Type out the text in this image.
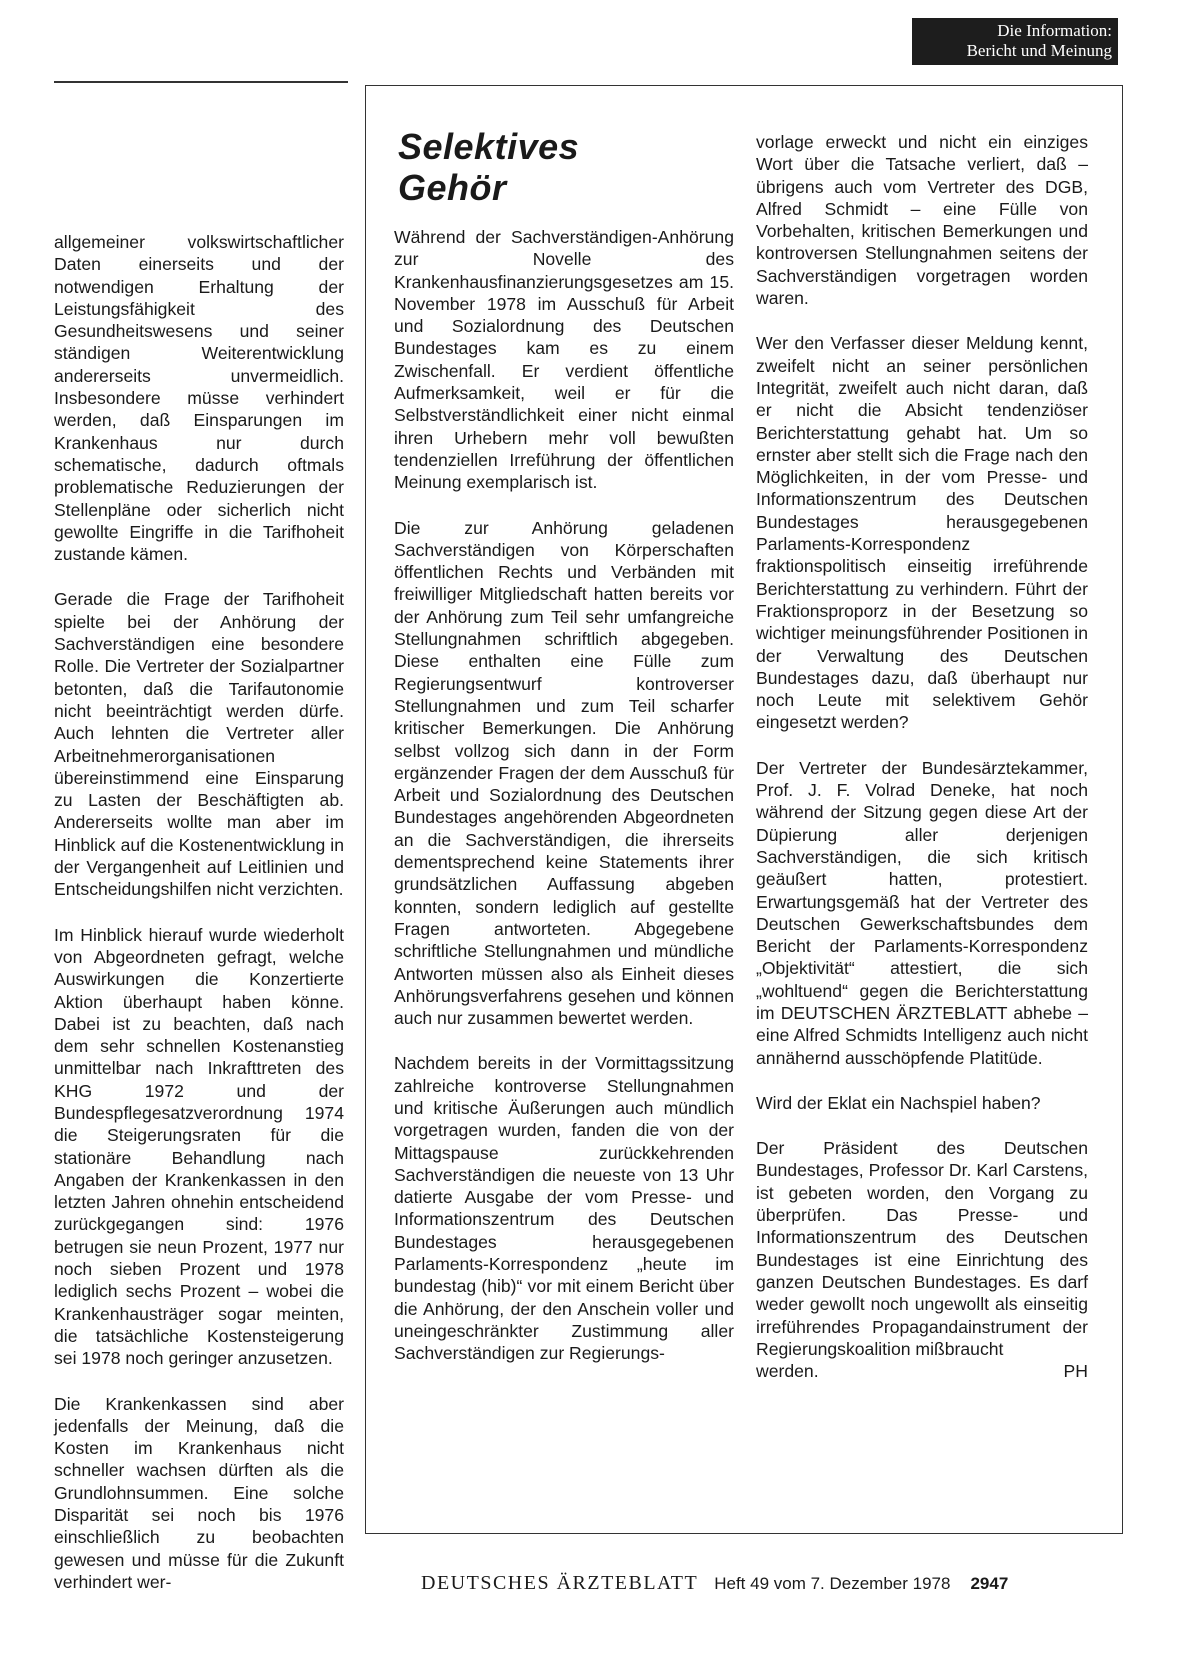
Die Information:
Bericht und Meinung

allgemeiner volkswirtschaftlicher Daten einerseits und der notwendigen Erhaltung der Leistungsfähigkeit des Gesundheitswesens und seiner ständigen Weiterentwicklung andererseits unvermeidlich. Insbesondere müsse verhindert werden, daß Einsparungen im Krankenhaus nur durch schematische, dadurch oftmals problematische Reduzierungen der Stellenpläne oder sicherlich nicht gewollte Eingriffe in die Tarifhoheit zustande kämen.

Gerade die Frage der Tarifhoheit spielte bei der Anhörung der Sachverständigen eine besondere Rolle. Die Vertreter der Sozialpartner betonten, daß die Tarifautonomie nicht beeinträchtigt werden dürfe. Auch lehnten die Vertreter aller Arbeitnehmerorganisationen übereinstimmend eine Einsparung zu Lasten der Beschäftigten ab. Andererseits wollte man aber im Hinblick auf die Kostenentwicklung in der Vergangenheit auf Leitlinien und Entscheidungshilfen nicht verzichten.

Im Hinblick hierauf wurde wiederholt von Abgeordneten gefragt, welche Auswirkungen die Konzertierte Aktion überhaupt haben könne. Dabei ist zu beachten, daß nach dem sehr schnellen Kostenanstieg unmittelbar nach Inkrafttreten des KHG 1972 und der Bundespflegesatzverordnung 1974 die Steigerungsraten für die stationäre Behandlung nach Angaben der Krankenkassen in den letzten Jahren ohnehin entscheidend zurückgegangen sind: 1976 betrugen sie neun Prozent, 1977 nur noch sieben Prozent und 1978 lediglich sechs Prozent – wobei die Krankenhausträger sogar meinten, die tatsächliche Kostensteigerung sei 1978 noch geringer anzusetzen.

Die Krankenkassen sind aber jedenfalls der Meinung, daß die Kosten im Krankenhaus nicht schneller wachsen dürften als die Grundlohnsummen. Eine solche Disparität sei noch bis 1976 einschließlich zu beobachten gewesen und müsse für die Zukunft verhindert wer-

Selektives
Gehör

Während der Sachverständigen-Anhörung zur Novelle des Krankenhausfinanzierungsgesetzes am 15. November 1978 im Ausschuß für Arbeit und Sozialordnung des Deutschen Bundestages kam es zu einem Zwischenfall. Er verdient öffentliche Aufmerksamkeit, weil er für die Selbstverständlichkeit einer nicht einmal ihren Urhebern mehr voll bewußten tendenziellen Irreführung der öffentlichen Meinung exemplarisch ist.

Die zur Anhörung geladenen Sachverständigen von Körperschaften öffentlichen Rechts und Verbänden mit freiwilliger Mitgliedschaft hatten bereits vor der Anhörung zum Teil sehr umfangreiche Stellungnahmen schriftlich abgegeben. Diese enthalten eine Fülle zum Regierungsentwurf kontroverser Stellungnahmen und zum Teil scharfer kritischer Bemerkungen. Die Anhörung selbst vollzog sich dann in der Form ergänzender Fragen der dem Ausschuß für Arbeit und Sozialordnung des Deutschen Bundestages angehörenden Abgeordneten an die Sachverständigen, die ihrerseits dementsprechend keine Statements ihrer grundsätzlichen Auffassung abgeben konnten, sondern lediglich auf gestellte Fragen antworteten. Abgegebene schriftliche Stellungnahmen und mündliche Antworten müssen also als Einheit dieses Anhörungsverfahrens gesehen und können auch nur zusammen bewertet werden.

Nachdem bereits in der Vormittagssitzung zahlreiche kontroverse Stellungnahmen und kritische Äußerungen auch mündlich vorgetragen wurden, fanden die von der Mittagspause zurückkehrenden Sachverständigen die neueste von 13 Uhr datierte Ausgabe der vom Presse- und Informationszentrum des Deutschen Bundestages herausgegebenen Parlaments-Korrespondenz „heute im bundestag (hib)“ vor mit einem Bericht über die Anhörung, der den Anschein voller und uneingeschränkter Zustimmung aller Sachverständigen zur Regierungs-

vorlage erweckt und nicht ein einziges Wort über die Tatsache verliert, daß – übrigens auch vom Vertreter des DGB, Alfred Schmidt – eine Fülle von Vorbehalten, kritischen Bemerkungen und kontroversen Stellungnahmen seitens der Sachverständigen vorgetragen worden waren.

Wer den Verfasser dieser Meldung kennt, zweifelt nicht an seiner persönlichen Integrität, zweifelt auch nicht daran, daß er nicht die Absicht tendenziöser Berichterstattung gehabt hat. Um so ernster aber stellt sich die Frage nach den Möglichkeiten, in der vom Presse- und Informationszentrum des Deutschen Bundestages herausgegebenen Parlaments-Korrespondenz fraktionspolitisch einseitig irreführende Berichterstattung zu verhindern. Führt der Fraktionsproporz in der Besetzung so wichtiger meinungsführender Positionen in der Verwaltung des Deutschen Bundestages dazu, daß überhaupt nur noch Leute mit selektivem Gehör eingesetzt werden?

Der Vertreter der Bundesärztekammer, Prof. J. F. Volrad Deneke, hat noch während der Sitzung gegen diese Art der Düpierung aller derjenigen Sachverständigen, die sich kritisch geäußert hatten, protestiert. Erwartungsgemäß hat der Vertreter des Deutschen Gewerkschaftsbundes dem Bericht der Parlaments-Korrespondenz „Objektivität“ attestiert, die sich „wohltuend“ gegen die Berichterstattung im DEUTSCHEN ÄRZTEBLATT abhebe – eine Alfred Schmidts Intelligenz auch nicht annähernd ausschöpfende Platitüde.

Wird der Eklat ein Nachspiel haben?

Der Präsident des Deutschen Bundestages, Professor Dr. Karl Carstens, ist gebeten worden, den Vorgang zu überprüfen. Das Presse- und Informationszentrum des Deutschen Bundestages ist eine Einrichtung des ganzen Deutschen Bundestages. Es darf weder gewollt noch ungewollt als einseitig irreführendes Propagandainstrument der Regierungskoalition mißbraucht

werden.	PH
DEUTSCHES ÄRZTEBLATT Heft 49 vom 7. Dezember 1978 2947
